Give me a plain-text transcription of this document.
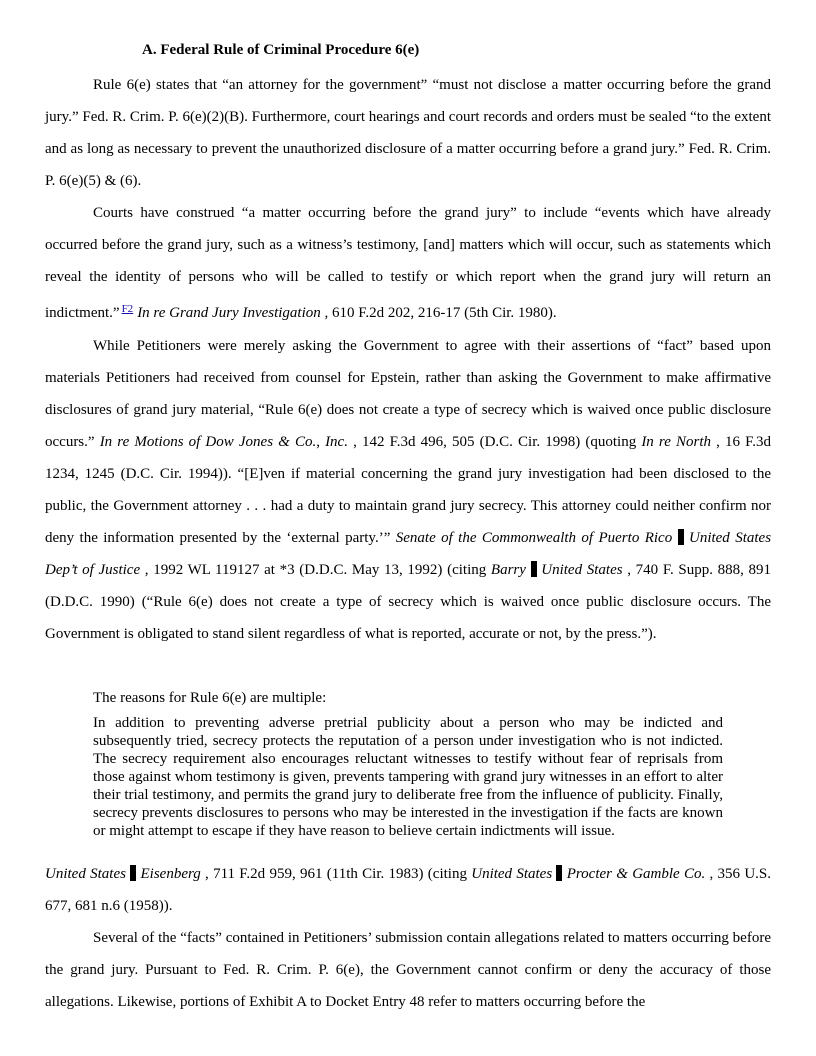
A. Federal Rule of Criminal Procedure 6(e)

Rule 6(e) states that “an attorney for the government” “must not disclose a matter occurring before the grand jury.” Fed. R. Crim. P. 6(e)(2)(B). Furthermore, court hearings and court records and orders must be sealed “to the extent and as long as necessary to prevent the unauthorized disclosure of a matter occurring before a grand jury.” Fed. R. Crim. P. 6(e)(5) & (6).

Courts have construed “a matter occurring before the grand jury” to include “events which have already occurred before the grand jury, such as a witness’s testimony, [and] matters which will occur, such as statements which reveal the identity of persons who will be called to testify or which report when the grand jury will return an indictment.” $^{F2}$ In re Grand Jury Investigation , 610 F.2d 202, 216-17 (5th Cir. 1980).

While Petitioners were merely asking the Government to agree with their assertions of “fact” based upon materials Petitioners had received from counsel for Epstein, rather than asking the Government to make affirmative disclosures of grand jury material, “Rule 6(e) does not create a type of secrecy which is waived once public disclosure occurs.” In re Motions of Dow Jones & Co., Inc. , 142 F.3d 496, 505 (D.C. Cir. 1998) (quoting In re North , 16 F.3d 1234, 1245 (D.C. Cir. 1994)). “[E]ven if material concerning the grand jury investigation had been disclosed to the public, the Government attorney . . . had a duty to maintain grand jury secrecy. This attorney could neither confirm nor deny the information presented by the ‘external party.’” Senate of the Commonwealth of Puerto Rico United States Dep’t of Justice , 1992 WL 119127 at *3 (D.D.C. May 13, 1992) (citing Barry United States , 740 F. Supp. 888, 891 (D.D.C. 1990) (“Rule 6(e) does not create a type of secrecy which is waived once public disclosure occurs. The Government is obligated to stand silent regardless of what is reported, accurate or not, by the press.”).

The reasons for Rule 6(e) are multiple:

In addition to preventing adverse pretrial publicity about a person who may be indicted and subsequently tried, secrecy protects the reputation of a person under investigation who is not indicted. The secrecy requirement also encourages reluctant witnesses to testify without fear of reprisals from those against whom testimony is given, prevents tampering with grand jury witnesses in an effort to alter their trial testimony, and permits the grand jury to deliberate free from the influence of publicity. Finally, secrecy prevents disclosures to persons who may be interested in the investigation if the facts are known or might attempt to escape if they have reason to believe certain indictments will issue.

United States Eisenberg , 711 F.2d 959, 961 (11th Cir. 1983) (citing United States Procter & Gamble Co. , 356 U.S. 677, 681 n.6 (1958)).

Several of the “facts” contained in Petitioners’ submission contain allegations related to matters occurring before the grand jury. Pursuant to Fed. R. Crim. P. 6(e), the Government cannot confirm or deny the accuracy of those allegations. Likewise, portions of Exhibit A to Docket Entry 48 refer to matters occurring before the
